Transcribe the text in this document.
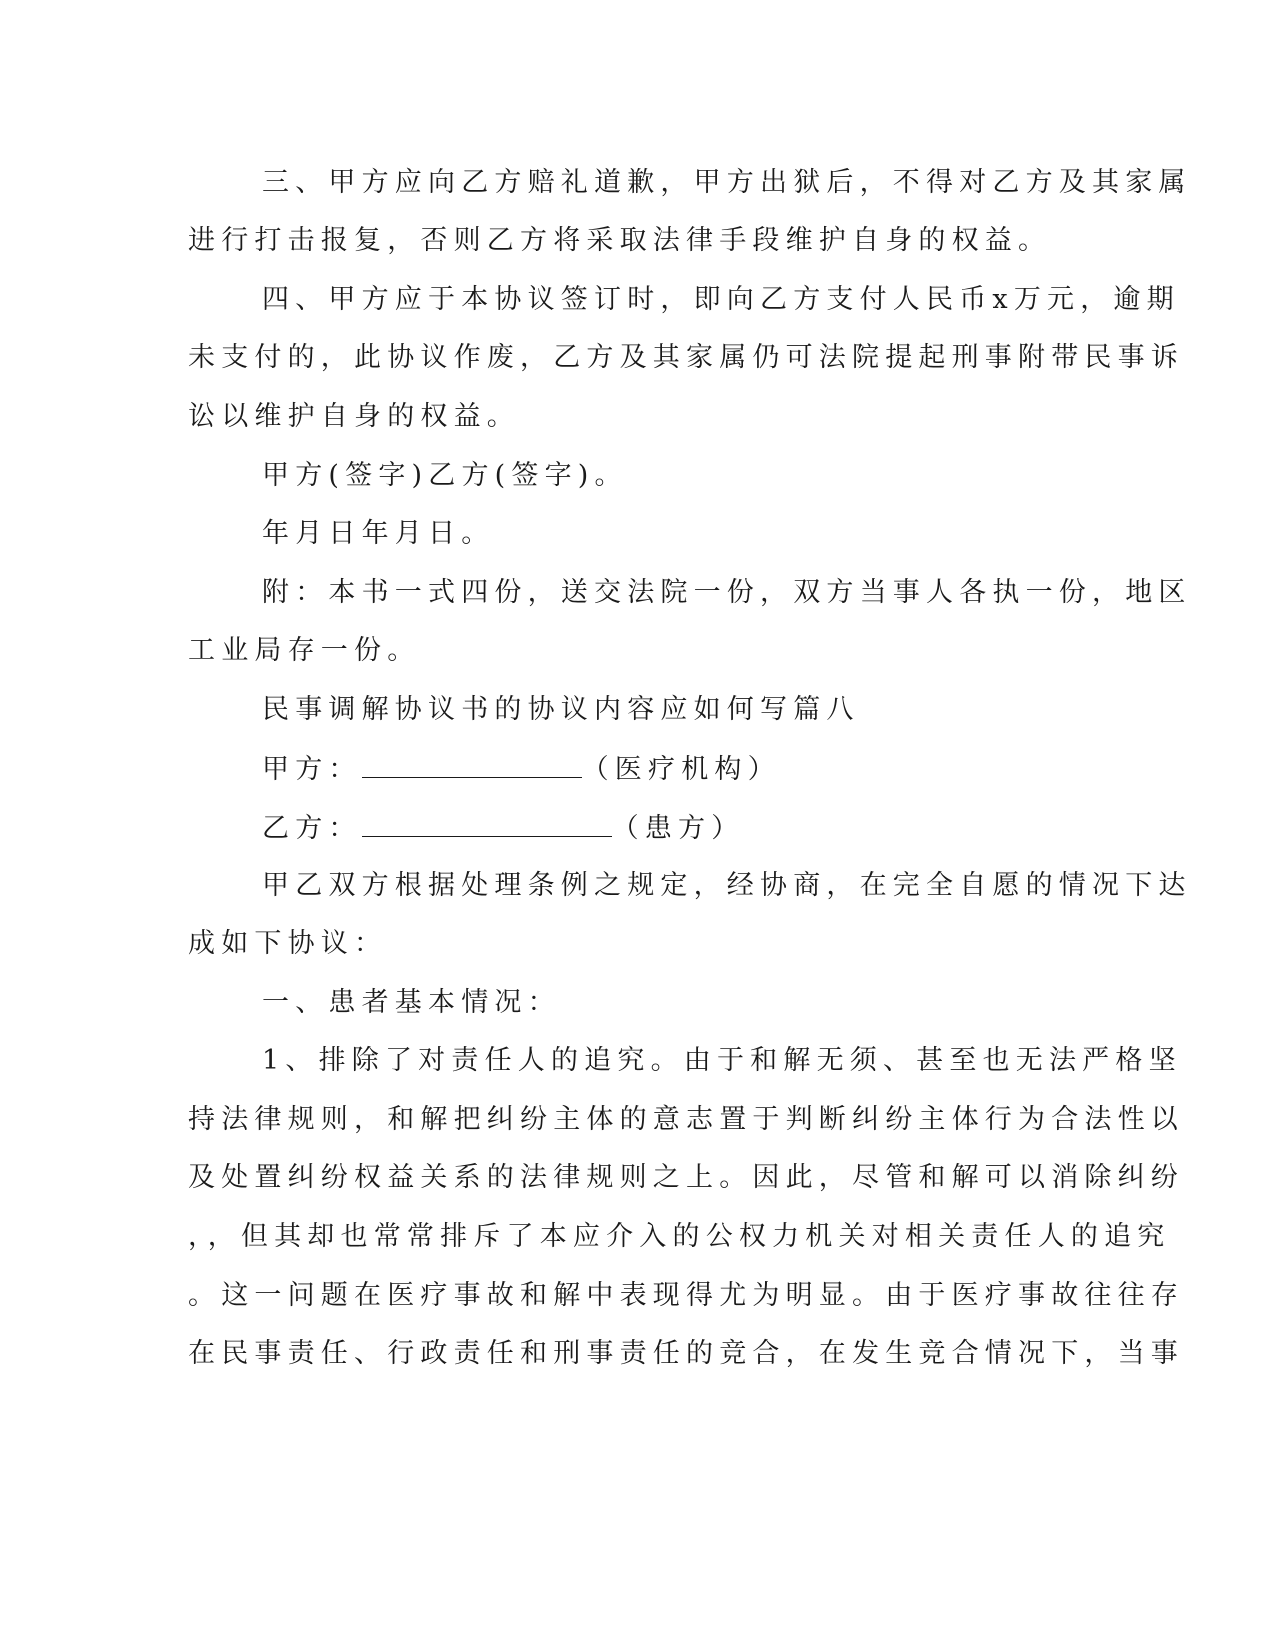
三、甲方应向乙方赔礼道歉，甲方出狱后，不得对乙方及其家属
进行打击报复，否则乙方将采取法律手段维护自身的权益。
四、甲方应于本协议签订时，即向乙方支付人民币x万元，逾期
未支付的，此协议作废，乙方及其家属仍可法院提起刑事附带民事诉
讼以维护自身的权益。
甲方(签字)乙方(签字)。
年月日年月日。
附：本书一式四份，送交法院一份，双方当事人各执一份，地区
工业局存一份。
民事调解协议书的协议内容应如何写篇八
甲方：	（医疗机构）
乙方：	（患方）
甲乙双方根据处理条例之规定，经协商，在完全自愿的情况下达
成如下协议：
一、患者基本情况：
1、排除了对责任人的追究。由于和解无须、甚至也无法严格坚
持法律规则，和解把纠纷主体的意志置于判断纠纷主体行为合法性以
及处置纠纷权益关系的法律规则之上。因此，尽管和解可以消除纠纷
，，但其却也常常排斥了本应介入的公权力机关对相关责任人的追究
。这一问题在医疗事故和解中表现得尤为明显。由于医疗事故往往存
在民事责任、行政责任和刑事责任的竞合，在发生竞合情况下，当事
